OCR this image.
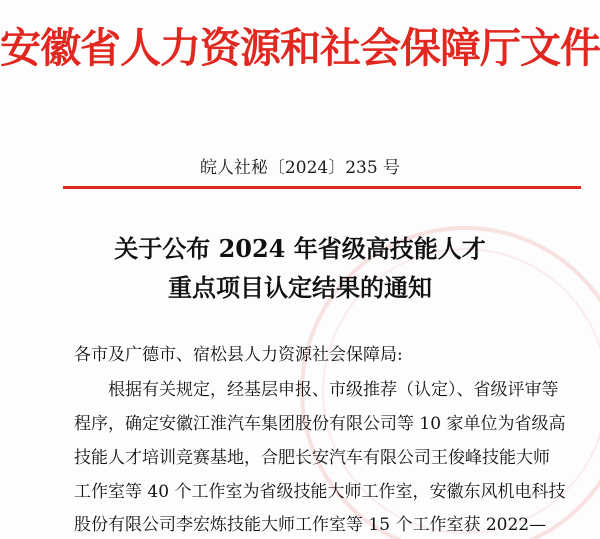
安徽省人力资源和社会保障厅文件
皖人社秘〔2024〕235 号
关于公布 2024 年省级高技能人才
重点项目认定结果的通知
各市及广德市、宿松县人力资源社会保障局:
根据有关规定，经基层申报、市级推荐（认定）、省级评审等
程序，确定安徽江淮汽车集团股份有限公司等 10 家单位为省级高
技能人才培训竞赛基地，合肥长安汽车有限公司王俊峰技能大师
工作室等 40 个工作室为省级技能大师工作室，安徽东风机电科技
股份有限公司李宏炼技能大师工作室等 15 个工作室获 2022—
